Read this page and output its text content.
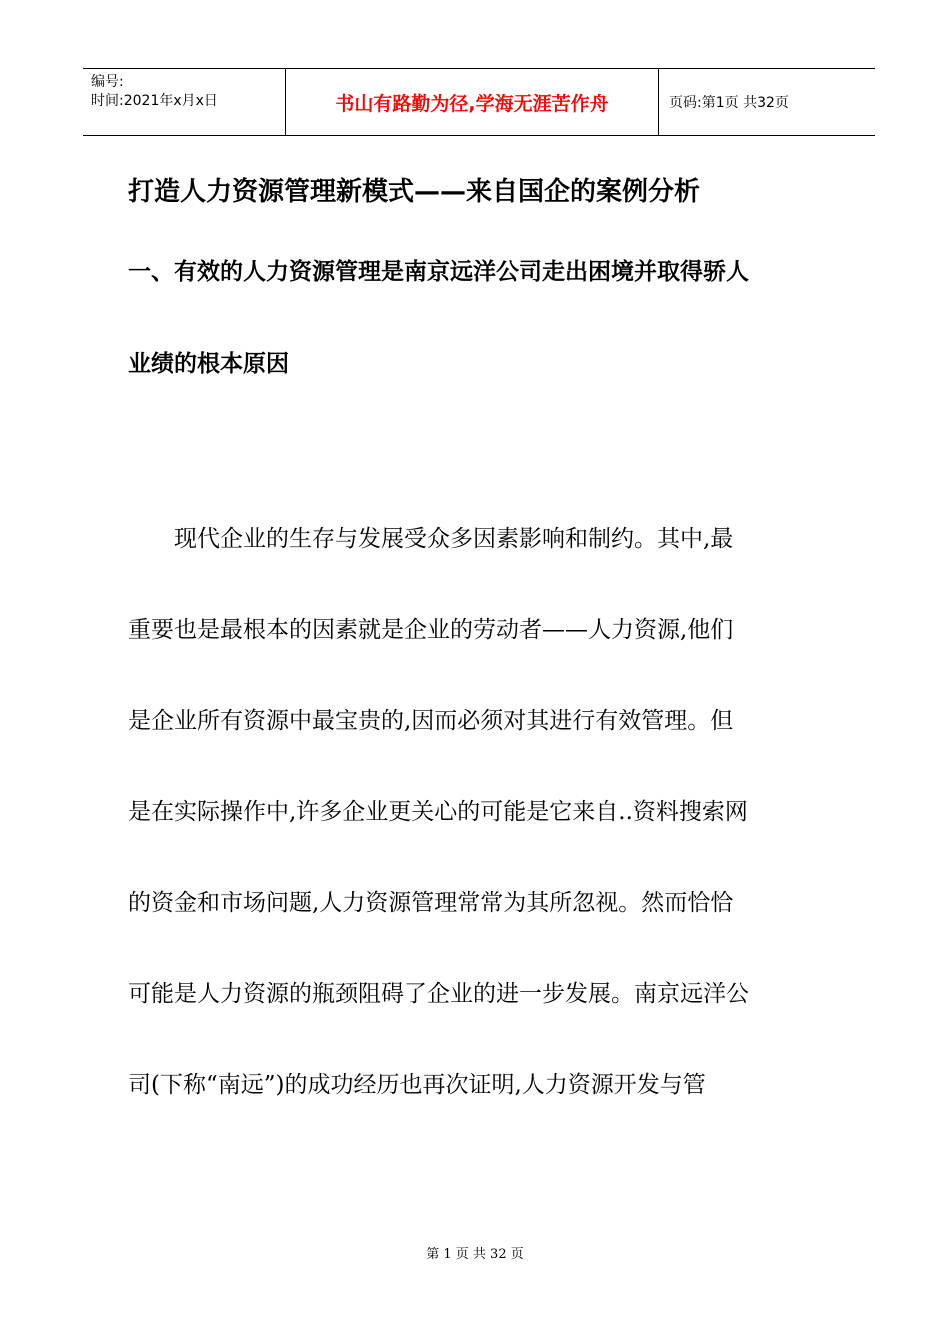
编号:
时间:2021年x月x日	书山有路勤为径,学海无涯苦作舟	页码:第1页 共32页
打造人力资源管理新模式——来自国企的案例分析
一、有效的人力资源管理是南京远洋公司走出困境并取得骄人
业绩的根本原因

　　现代企业的生存与发展受众多因素影响和制约。其中,最
重要也是最根本的因素就是企业的劳动者——人力资源,他们
是企业所有资源中最宝贵的,因而必须对其进行有效管理。但
是在实际操作中,许多企业更关心的可能是它来自..资料搜索网
的资金和市场问题,人力资源管理常常为其所忽视。然而恰恰
可能是人力资源的瓶颈阻碍了企业的进一步发展。南京远洋公
司(下称“南远”)的成功经历也再次证明,人力资源开发与管

第 1 页 共 32 页
